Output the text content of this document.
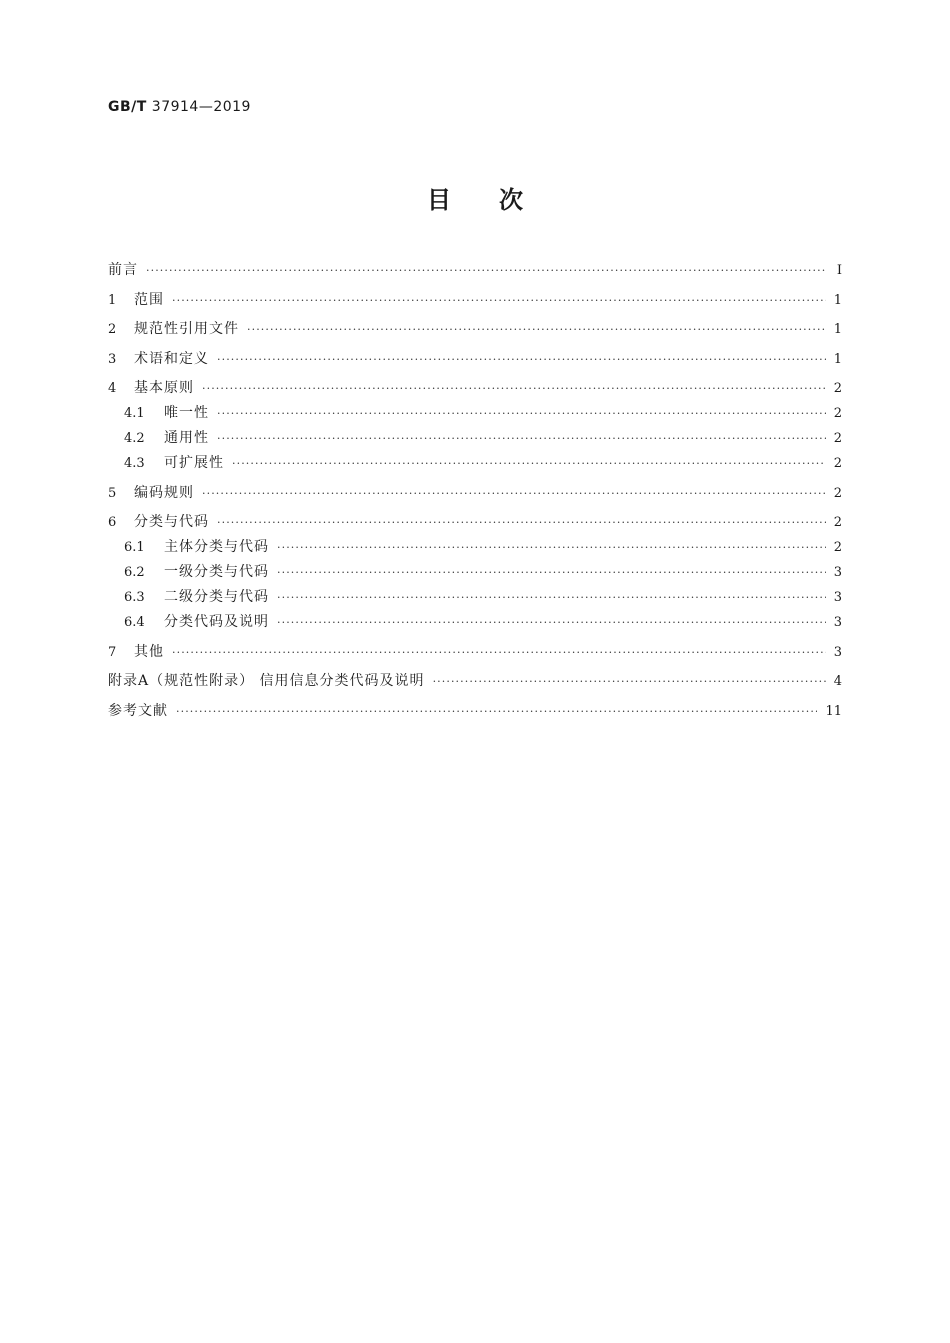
GB/T 37914—2019
目次
前言 ·····	Ⅰ
1	范围 ·····	1
2	规范性引用文件 ·····	1
3	术语和定义 ·····	1
4	基本原则 ·····	2
4.1	唯一性 ·····	2
4.2	通用性 ·····	2
4.3	可扩展性 ·····	2
5	编码规则 ·····	2
6	分类与代码 ·····	2
6.1	主体分类与代码 ·····	2
6.2	一级分类与代码 ·····	3
6.3	二级分类与代码 ·····	3
6.4	分类代码及说明 ·····	3
7	其他 ·····	3
附录A（规范性附录） 信用信息分类代码及说明 ·····	4
参考文献 ·····	11
